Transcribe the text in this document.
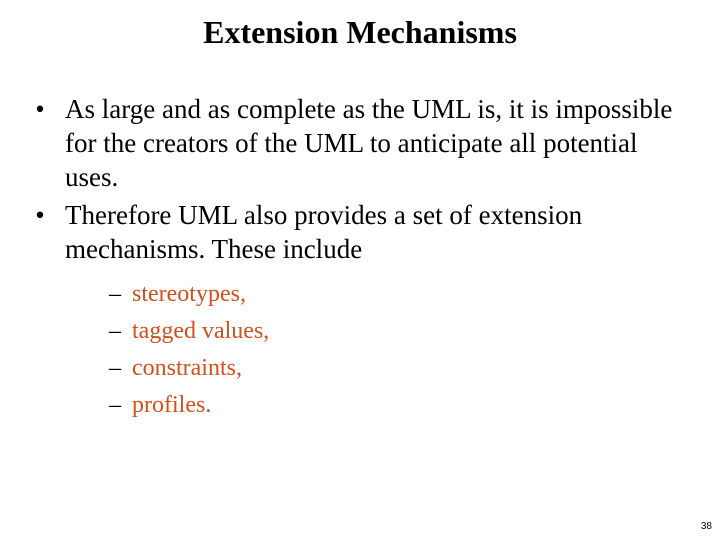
Extension Mechanisms
• As large and as complete as the UML is, it is impossible for the creators of the UML to anticipate all potential uses.
• Therefore UML also provides a set of extension mechanisms. These include
– stereotypes,
– tagged values,
– constraints,
– profiles.
38
